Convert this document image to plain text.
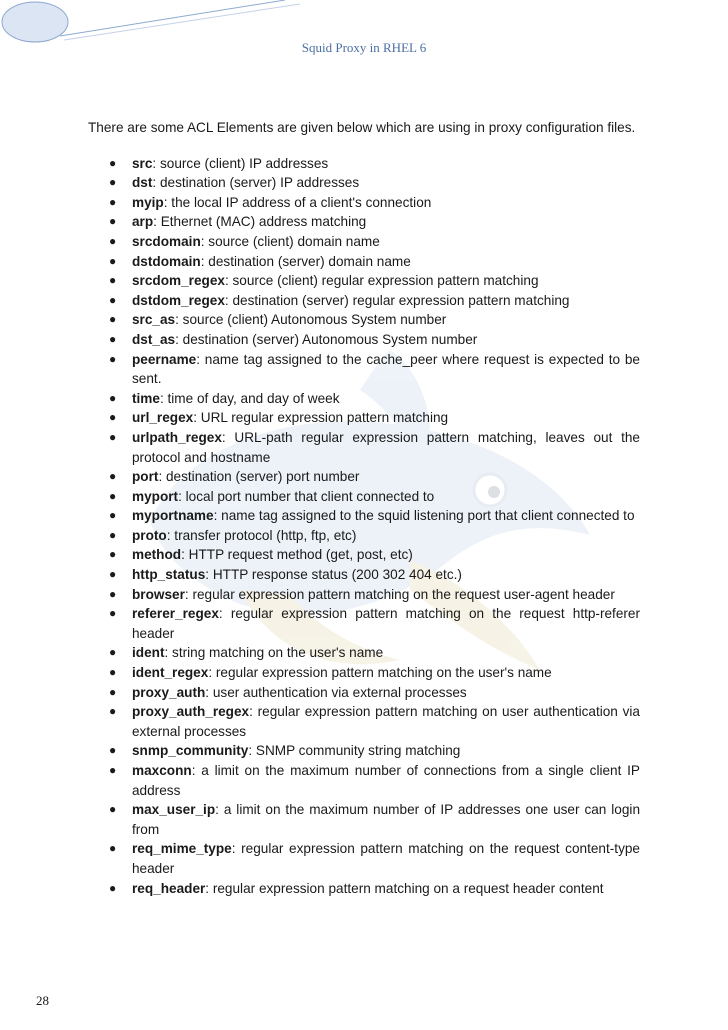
Squid Proxy in RHEL 6

There are some ACL Elements are given below which are using in proxy configuration files.

● src: source (client) IP addresses
● dst: destination (server) IP addresses
● myip: the local IP address of a client's connection
● arp: Ethernet (MAC) address matching
● srcdomain: source (client) domain name
● dstdomain: destination (server) domain name
● srcdom_regex: source (client) regular expression pattern matching
● dstdom_regex: destination (server) regular expression pattern matching
● src_as: source (client) Autonomous System number
● dst_as: destination (server) Autonomous System number
● peername: name tag assigned to the cache_peer where request is expected to be sent.
● time: time of day, and day of week
● url_regex: URL regular expression pattern matching
● urlpath_regex: URL-path regular expression pattern matching, leaves out the protocol and hostname
● port: destination (server) port number
● myport: local port number that client connected to
● myportname: name tag assigned to the squid listening port that client connected to
● proto: transfer protocol (http, ftp, etc)
● method: HTTP request method (get, post, etc)
● http_status: HTTP response status (200 302 404 etc.)
● browser: regular expression pattern matching on the request user-agent header
● referer_regex: regular expression pattern matching on the request http-referer header
● ident: string matching on the user's name
● ident_regex: regular expression pattern matching on the user's name
● proxy_auth: user authentication via external processes
● proxy_auth_regex: regular expression pattern matching on user authentication via external processes
● snmp_community: SNMP community string matching
● maxconn: a limit on the maximum number of connections from a single client IP address
● max_user_ip: a limit on the maximum number of IP addresses one user can login from
● req_mime_type: regular expression pattern matching on the request content-type header
● req_header: regular expression pattern matching on a request header content
28
